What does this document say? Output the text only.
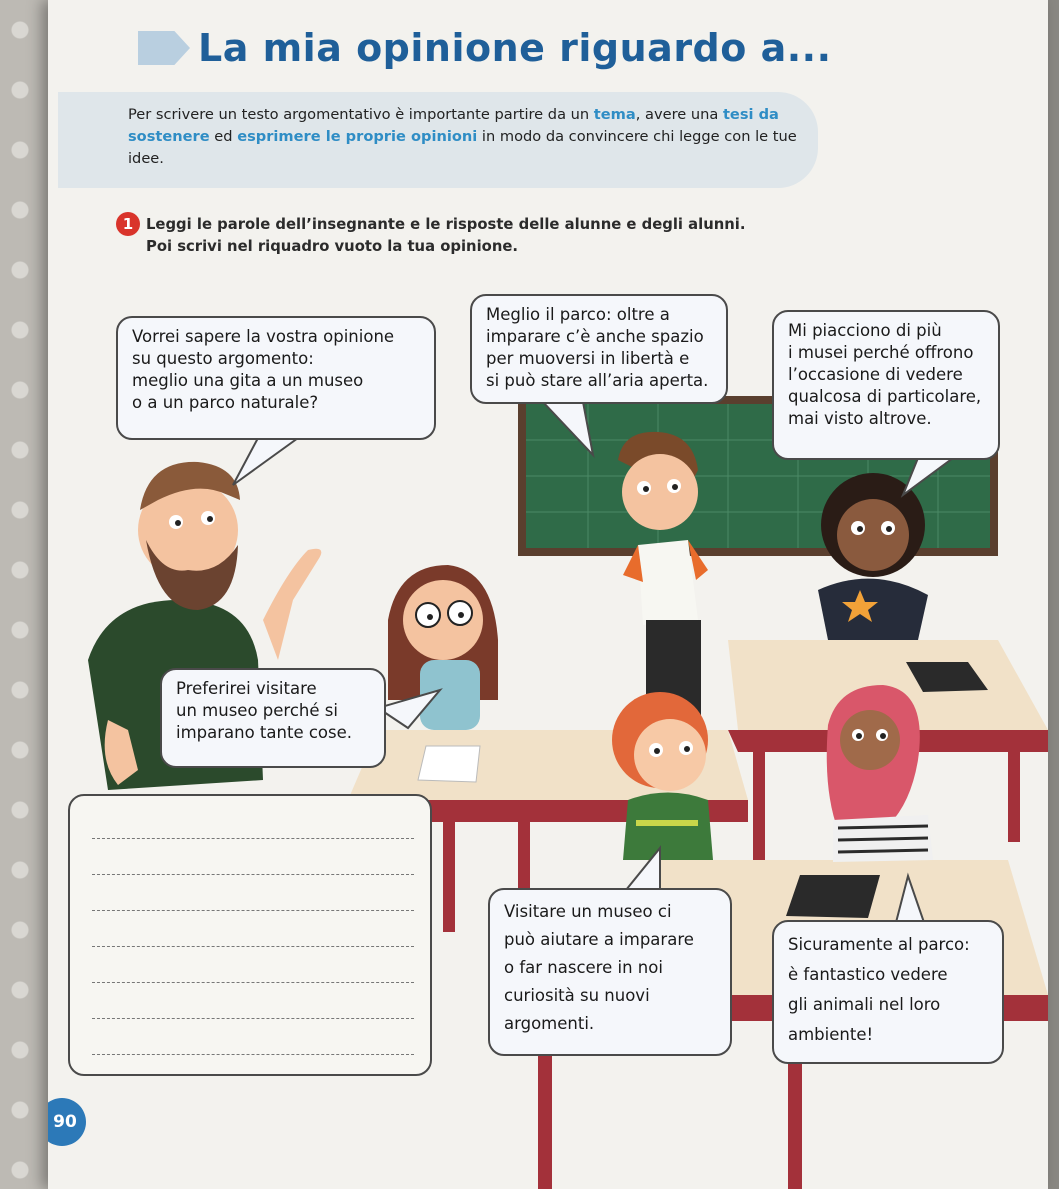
La mia opinione riguardo a...
Per scrivere un testo argomentativo è importante partire da un tema, avere una tesi da sostenere ed esprimere le proprie opinioni in modo da convincere chi legge con le tue idee.
1 Leggi le parole dell’insegnante e le risposte delle alunne e degli alunni.
Poi scrivi nel riquadro vuoto la tua opinione.
Vorrei sapere la vostra opinione
su questo argomento:
meglio una gita a un museo
o a un parco naturale?
Meglio il parco: oltre a
imparare c’è anche spazio
per muoversi in libertà e
si può stare all’aria aperta.
Mi piacciono di più
i musei perché offrono
l’occasione di vedere
qualcosa di particolare,
mai visto altrove.
Preferirei visitare
un museo perché si
imparano tante cose.
Visitare un museo ci
può aiutare a imparare
o far nascere in noi
curiosità su nuovi
argomenti.
Sicuramente al parco:
è fantastico vedere
gli animali nel loro
ambiente!
90
